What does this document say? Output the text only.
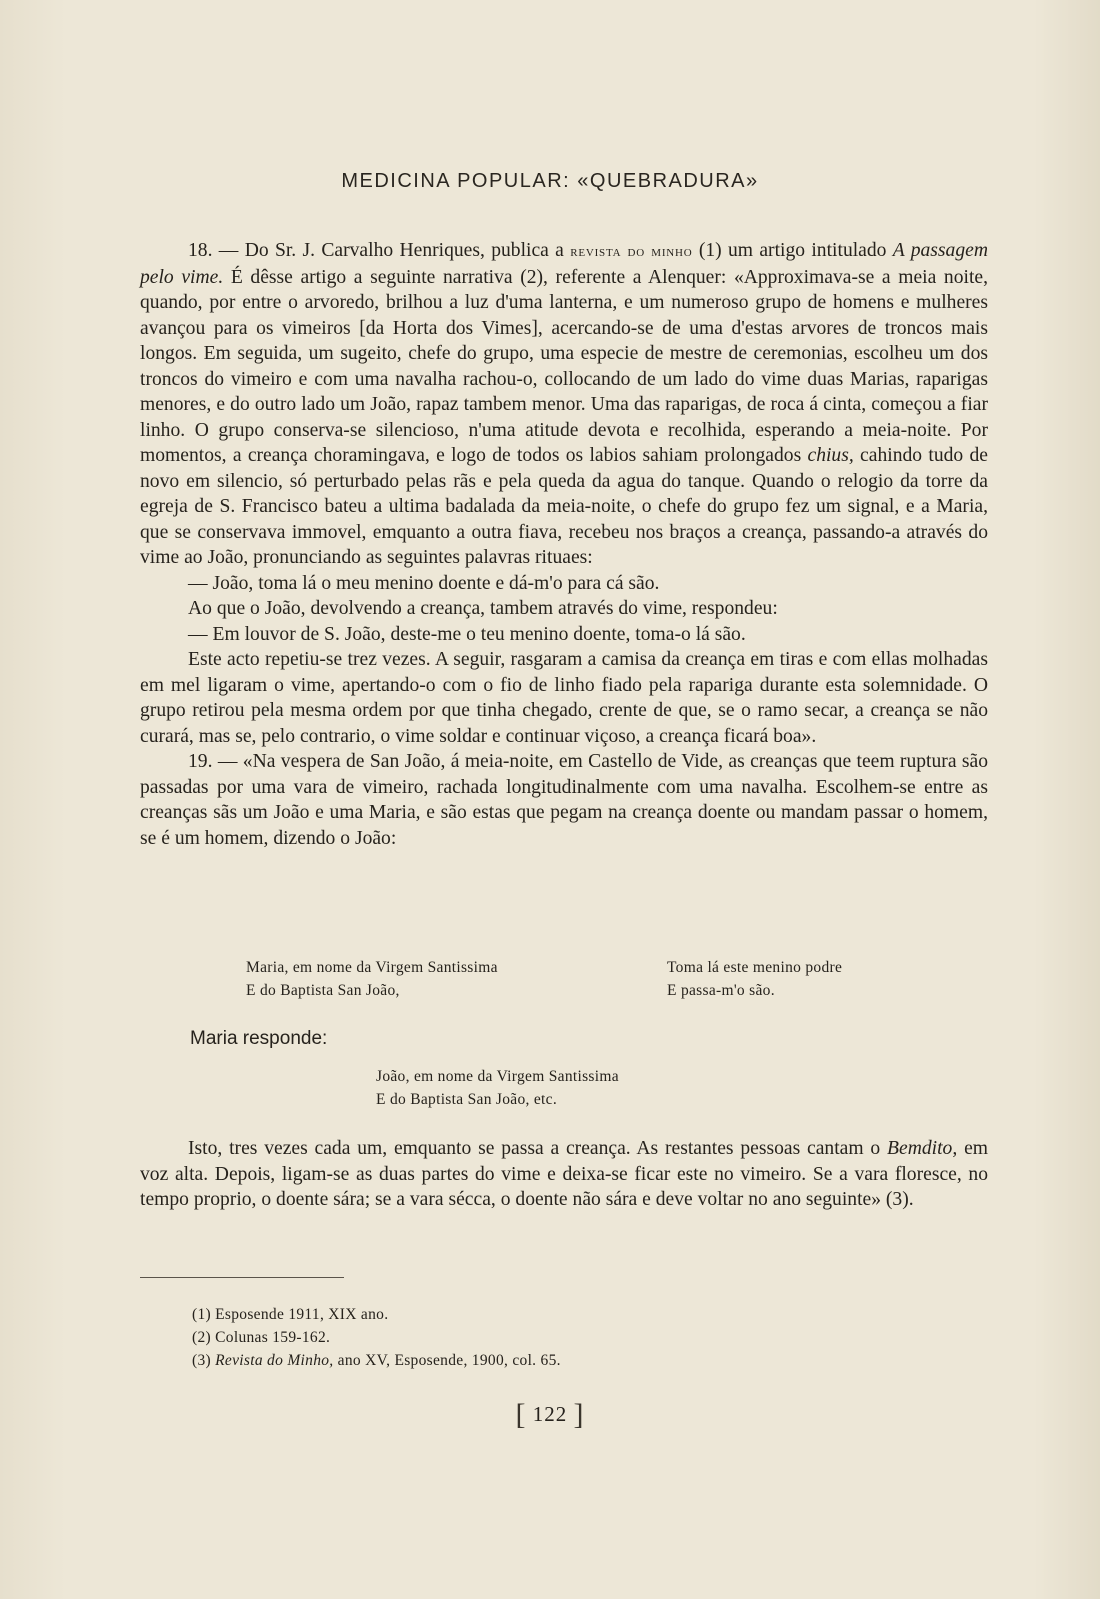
MEDICINA POPULAR: «QUEBRADURA»

18. — Do Sr. J. Carvalho Henriques, publica a revista do minho (1) um artigo intitulado A passagem pelo vime. É dêsse artigo a seguinte narrativa (2), referente a Alenquer: «Approximava-se a meia noite, quando, por entre o arvoredo, brilhou a luz d'uma lanterna, e um numeroso grupo de homens e mulheres avançou para os vimeiros [da Horta dos Vimes], acercando-se de uma d'estas arvores de troncos mais longos. Em seguida, um sugeito, chefe do grupo, uma especie de mestre de ceremonias, escolheu um dos troncos do vimeiro e com uma navalha rachou-o, collocando de um lado do vime duas Marias, raparigas menores, e do outro lado um João, rapaz tambem menor. Uma das raparigas, de roca á cinta, começou a fiar linho. O grupo conserva-se silencioso, n'uma atitude devota e recolhida, esperando a meia-noite. Por momentos, a creança choramingava, e logo de todos os labios sahiam prolongados chius, cahindo tudo de novo em silencio, só perturbado pelas rãs e pela queda da agua do tanque. Quando o relogio da torre da egreja de S. Francisco bateu a ultima badalada da meia-noite, o chefe do grupo fez um signal, e a Maria, que se conservava immovel, emquanto a outra fiava, recebeu nos braços a creança, passando-a através do vime ao João, pronunciando as seguintes palavras rituaes:

— João, toma lá o meu menino doente e dá-m'o para cá são.

Ao que o João, devolvendo a creança, tambem através do vime, respondeu:

— Em louvor de S. João, deste-me o teu menino doente, toma-o lá são.

Este acto repetiu-se trez vezes. A seguir, rasgaram a camisa da creança em tiras e com ellas molhadas em mel ligaram o vime, apertando-o com o fio de linho fiado pela rapariga durante esta solemnidade. O grupo retirou pela mesma ordem por que tinha chegado, crente de que, se o ramo secar, a creança se não curará, mas se, pelo contrario, o vime soldar e continuar viçoso, a creança ficará boa».

19. — «Na vespera de San João, á meia-noite, em Castello de Vide, as creanças que teem ruptura são passadas por uma vara de vimeiro, rachada longitudinalmente com uma navalha. Escolhem-se entre as creanças sãs um João e uma Maria, e são estas que pegam na creança doente ou mandam passar o homem, se é um homem, dizendo o João:

Maria, em nome da Virgem Santissima
E do Baptista San João,
Toma lá este menino podre
E passa-m'o são.
Maria responde:
João, em nome da Virgem Santissima
E do Baptista San João, etc.

Isto, tres vezes cada um, emquanto se passa a creança. As restantes pessoas cantam o Bemdito, em voz alta. Depois, ligam-se as duas partes do vime e deixa-se ficar este no vimeiro. Se a vara floresce, no tempo proprio, o doente sára; se a vara sécca, o doente não sára e deve voltar no ano seguinte» (3).

(1) Esposende 1911, XIX ano.
(2) Colunas 159-162.
(3) Revista do Minho, ano XV, Esposende, 1900, col. 65.
[ 122 ]
